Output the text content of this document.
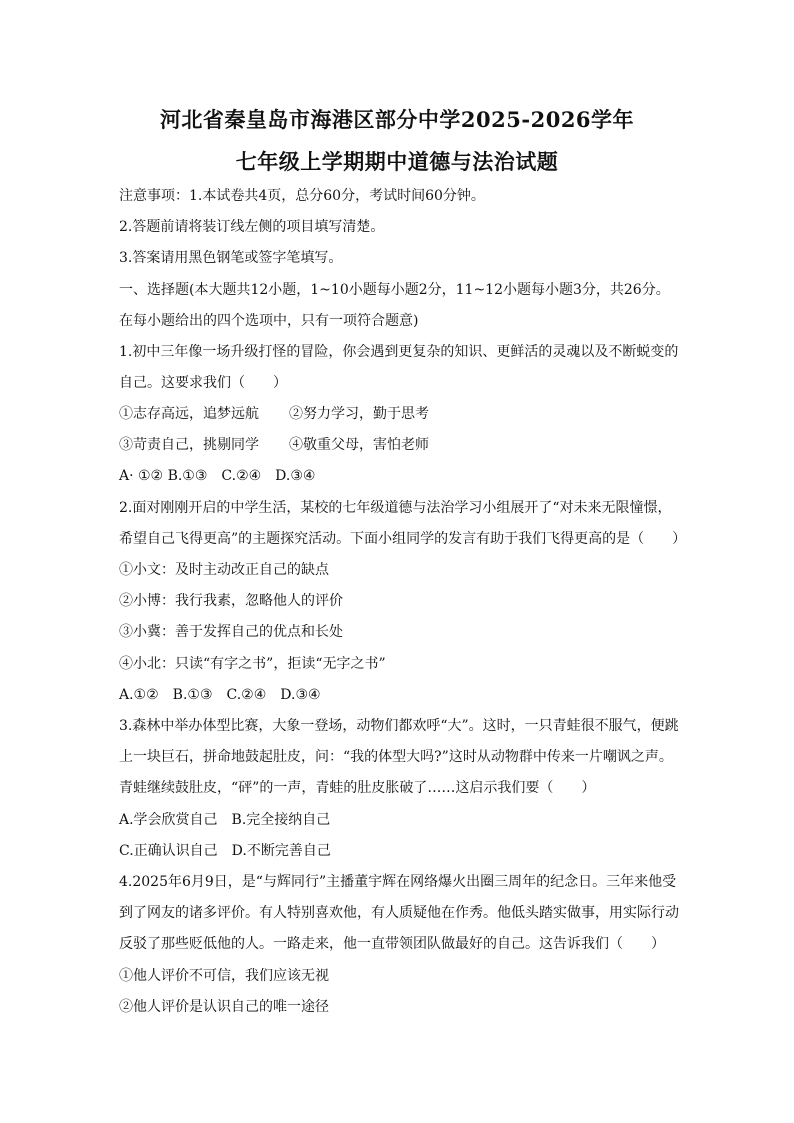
河北省秦皇岛市海港区部分中学2025-2026学年
七年级上学期期中道德与法治试题
注意事项：1.本试卷共4页，总分60分，考试时间60分钟。
2.答题前请将装订线左侧的项目填写清楚。
3.答案请用黑色钢笔或签字笔填写。
一、选择题(本大题共12小题，1~10小题每小题2分，11~12小题每小题3分，共26分。
在每小题给出的四个选项中，只有一项符合题意)
1.初中三年像一场升级打怪的冒险，你会遇到更复杂的知识、更鲜活的灵魂以及不断蜕变的
自己。这要求我们（　　）
①志存高远，追梦远航 ②努力学习，勤于思考
③苛责自己，挑剔同学 ④敬重父母，害怕老师
A· ①② B.①③　C.②④　D.③④
2.面对刚刚开启的中学生活，某校的七年级道德与法治学习小组展开了“对未来无限憧憬，
希望自己飞得更高”的主题探究活动。下面小组同学的发言有助于我们飞得更高的是（　　）
①小文：及时主动改正自己的缺点
②小博：我行我素，忽略他人的评价
③小冀：善于发挥自己的优点和长处
④小北：只读“有字之书”，拒读“无字之书”
A.①②　B.①③　C.②④　D.③④
3.森林中举办体型比赛，大象一登场，动物们都欢呼“大”。这时，一只青蛙很不服气，便跳
上一块巨石，拼命地鼓起肚皮，问：“我的体型大吗?”这时从动物群中传来一片嘲讽之声。
青蛙继续鼓肚皮，“砰”的一声，青蛙的肚皮胀破了……这启示我们要（　　）
A.学会欣赏自己　B.完全接纳自己
C.正确认识自己　D.不断完善自己
4.2025年6月9日，是“与辉同行”主播董宇辉在网络爆火出圈三周年的纪念日。三年来他受
到了网友的诸多评价。有人特别喜欢他，有人质疑他在作秀。他低头踏实做事，用实际行动
反驳了那些贬低他的人。一路走来，他一直带领团队做最好的自己。这告诉我们（　　）
①他人评价不可信，我们应该无视
②他人评价是认识自己的唯一途径
